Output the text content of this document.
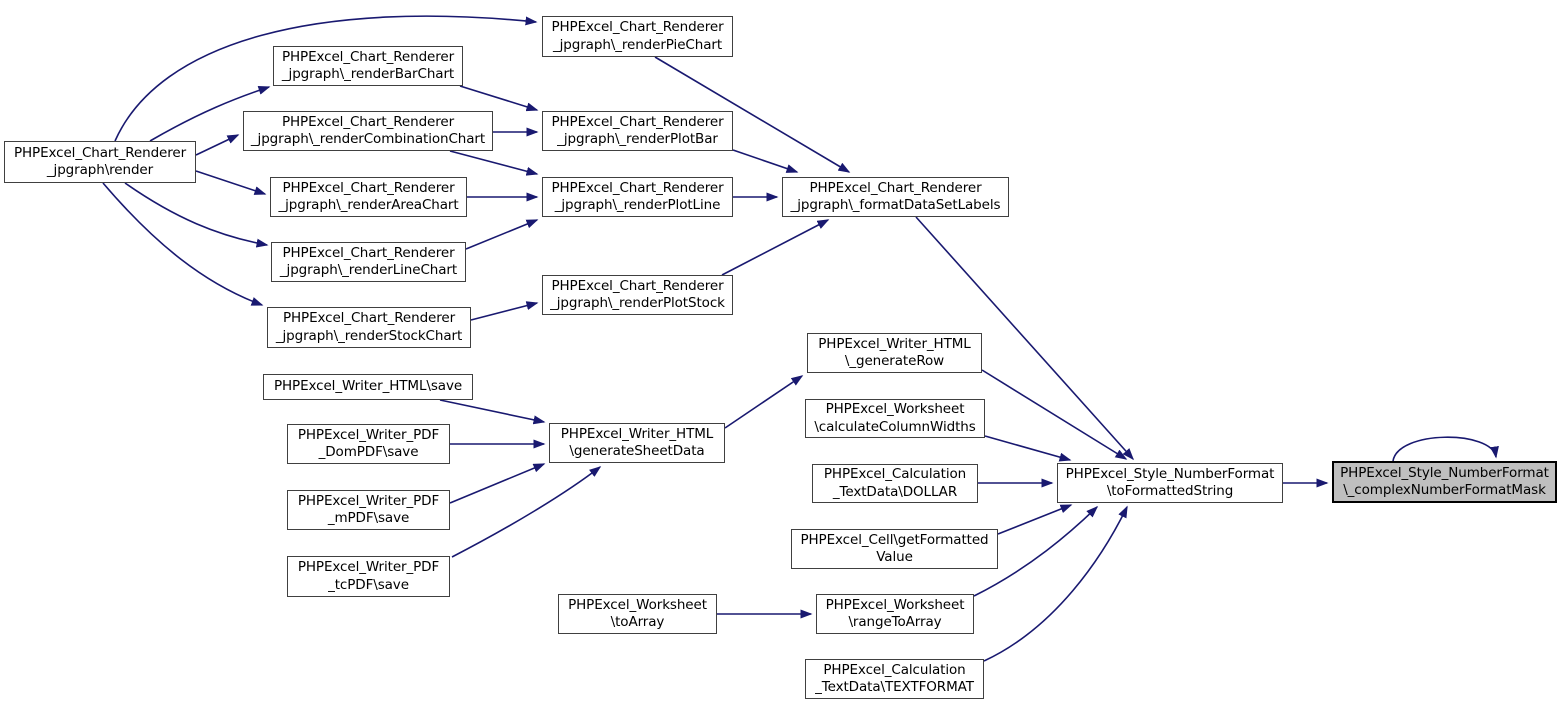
PHPExcel_Chart_Renderer
_jpgraph\render
PHPExcel_Chart_Renderer
_jpgraph\_renderPieChart
PHPExcel_Chart_Renderer
_jpgraph\_renderBarChart
PHPExcel_Chart_Renderer
_jpgraph\_renderCombinationChart
PHPExcel_Chart_Renderer
_jpgraph\_renderAreaChart
PHPExcel_Chart_Renderer
_jpgraph\_renderLineChart
PHPExcel_Chart_Renderer
_jpgraph\_renderStockChart
PHPExcel_Chart_Renderer
_jpgraph\_renderPlotBar
PHPExcel_Chart_Renderer
_jpgraph\_renderPlotLine
PHPExcel_Chart_Renderer
_jpgraph\_renderPlotStock
PHPExcel_Chart_Renderer
_jpgraph\_formatDataSetLabels
PHPExcel_Writer_HTML\save
PHPExcel_Writer_PDF
_DomPDF\save
PHPExcel_Writer_PDF
_mPDF\save
PHPExcel_Writer_PDF
_tcPDF\save
PHPExcel_Writer_HTML
\generateSheetData
PHPExcel_Worksheet
\toArray
PHPExcel_Writer_HTML
\_generateRow
PHPExcel_Worksheet
\calculateColumnWidths
PHPExcel_Calculation
_TextData\DOLLAR
PHPExcel_Cell\getFormatted
Value
PHPExcel_Worksheet
\rangeToArray
PHPExcel_Calculation
_TextData\TEXTFORMAT
PHPExcel_Style_NumberFormat
\toFormattedString
PHPExcel_Style_NumberFormat
\_complexNumberFormatMask
